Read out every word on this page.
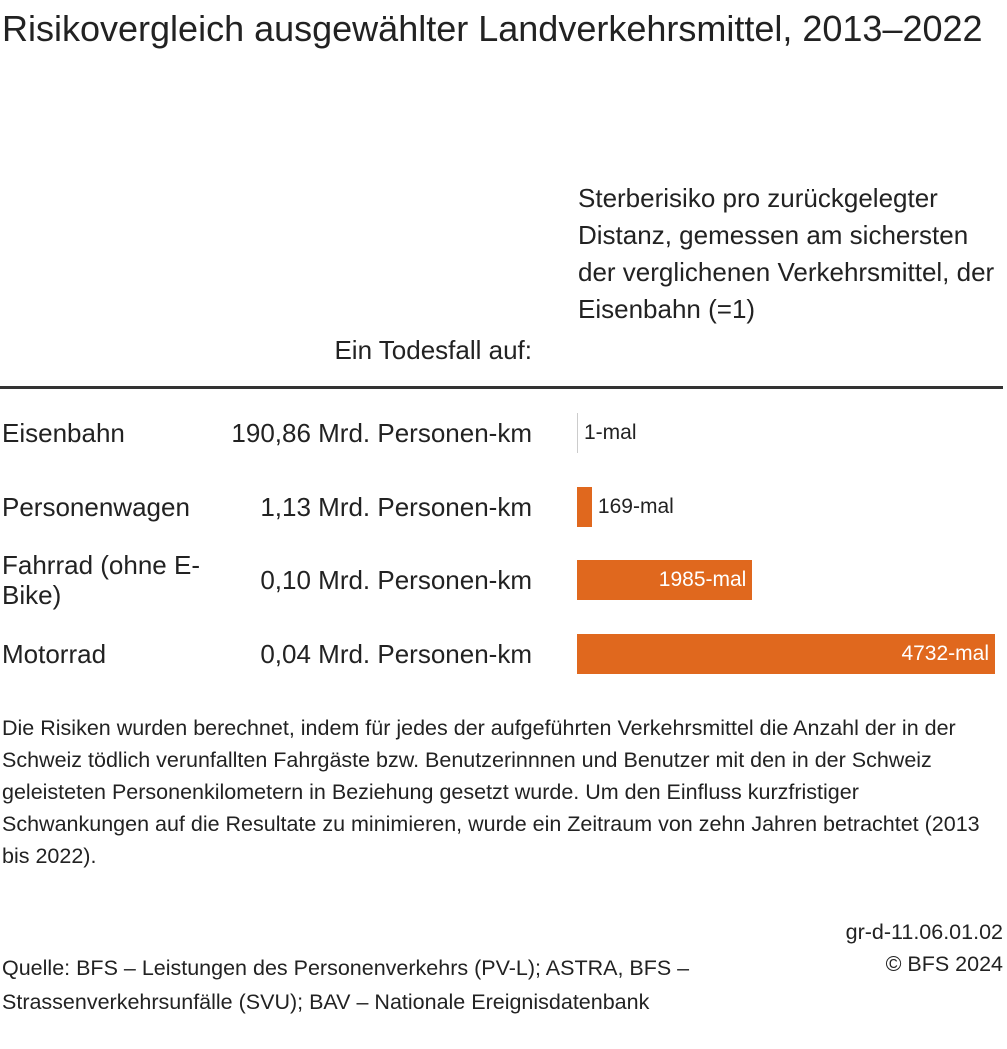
Risikovergleich ausgewählter Landverkehrsmittel, 2013–2022
Ein Todesfall auf:
Sterberisiko pro zurückgelegter Distanz, gemessen am sichersten der verglichenen Verkehrsmittel, der Eisenbahn (=1)
Eisenbahn	190,86 Mrd. Personen-km 1-mal
Personenwagen	1,13 Mrd. Personen-km	169-mal
Fahrrad (ohne E-Bike)	0,10 Mrd. Personen-km	1985-mal
Motorrad	0,04 Mrd. Personen-km	4732-mal
Die Risiken wurden berechnet, indem für jedes der aufgeführten Verkehrsmittel die Anzahl der in der Schweiz tödlich verunfallten Fahrgäste bzw. Benutzerinnnen und Benutzer mit den in der Schweiz geleisteten Personenkilometern in Beziehung gesetzt wurde. Um den Einfluss kurzfristiger Schwankungen auf die Resultate zu minimieren, wurde ein Zeitraum von zehn Jahren betrachtet (2013 bis 2022).
gr-d-11.06.01.02
© BFS 2024
Quelle: BFS – Leistungen des Personenverkehrs (PV-L); ASTRA, BFS – Strassenverkehrsunfälle (SVU); BAV – Nationale Ereignisdatenbank
